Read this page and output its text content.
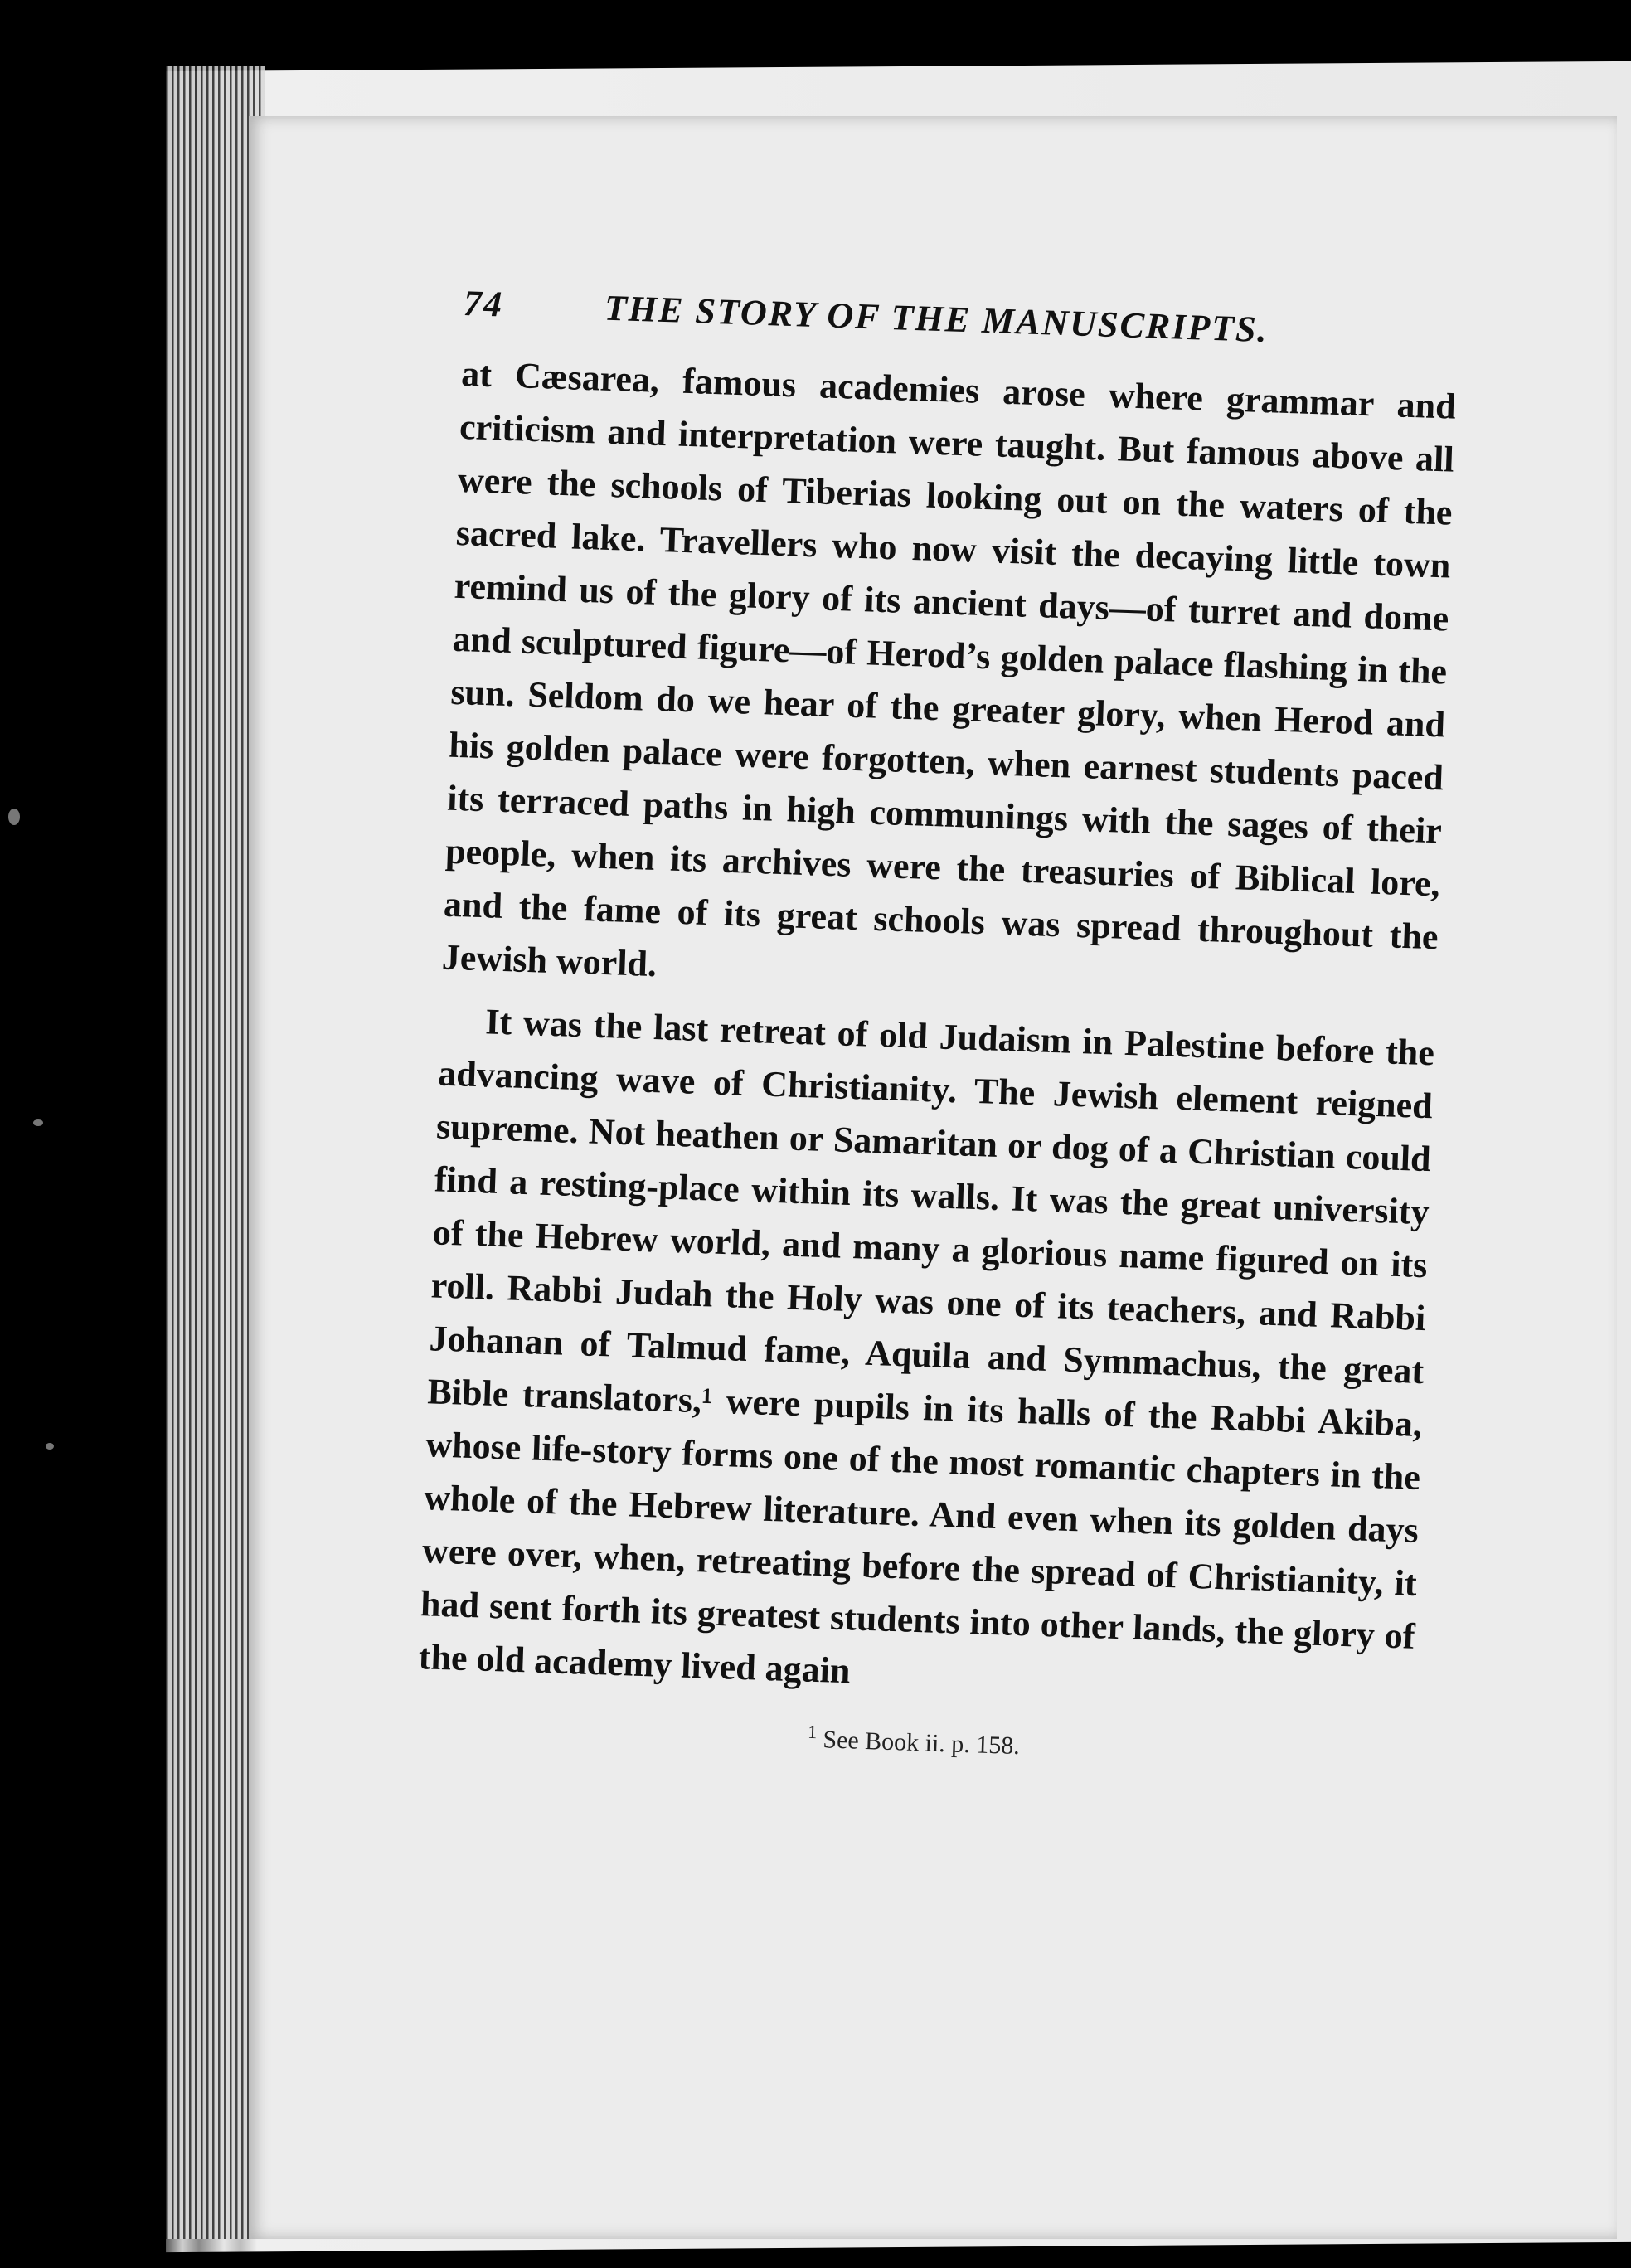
74	THE STORY OF THE MANUSCRIPTS.

at Cæsarea, famous academies arose where grammar and criticism and interpretation were taught. But famous above all were the schools of Tiberias looking out on the waters of the sacred lake. Travellers who now visit the decaying little town remind us of the glory of its ancient days—of turret and dome and sculptured figure—of Herod’s golden palace flashing in the sun. Seldom do we hear of the greater glory, when Herod and his golden palace were forgotten, when earnest students paced its terraced paths in high communings with the sages of their people, when its archives were the treasuries of Biblical lore, and the fame of its great schools was spread throughout the Jewish world.

It was the last retreat of old Judaism in Palestine before the advancing wave of Christianity. The Jewish element reigned supreme. Not heathen or Samaritan or dog of a Christian could find a resting-place within its walls. It was the great university of the Hebrew world, and many a glorious name figured on its roll. Rabbi Judah the Holy was one of its teachers, and Rabbi Johanan of Talmud fame, Aquila and Symmachus, the great Bible translators,¹ were pupils in its halls of the Rabbi Akiba, whose life-story forms one of the most romantic chapters in the whole of the Hebrew literature. And even when its golden days were over, when, retreating before the spread of Christianity, it had sent forth its greatest students into other lands, the glory of the old academy lived again

$^1$ See Book ii. p. 158.
